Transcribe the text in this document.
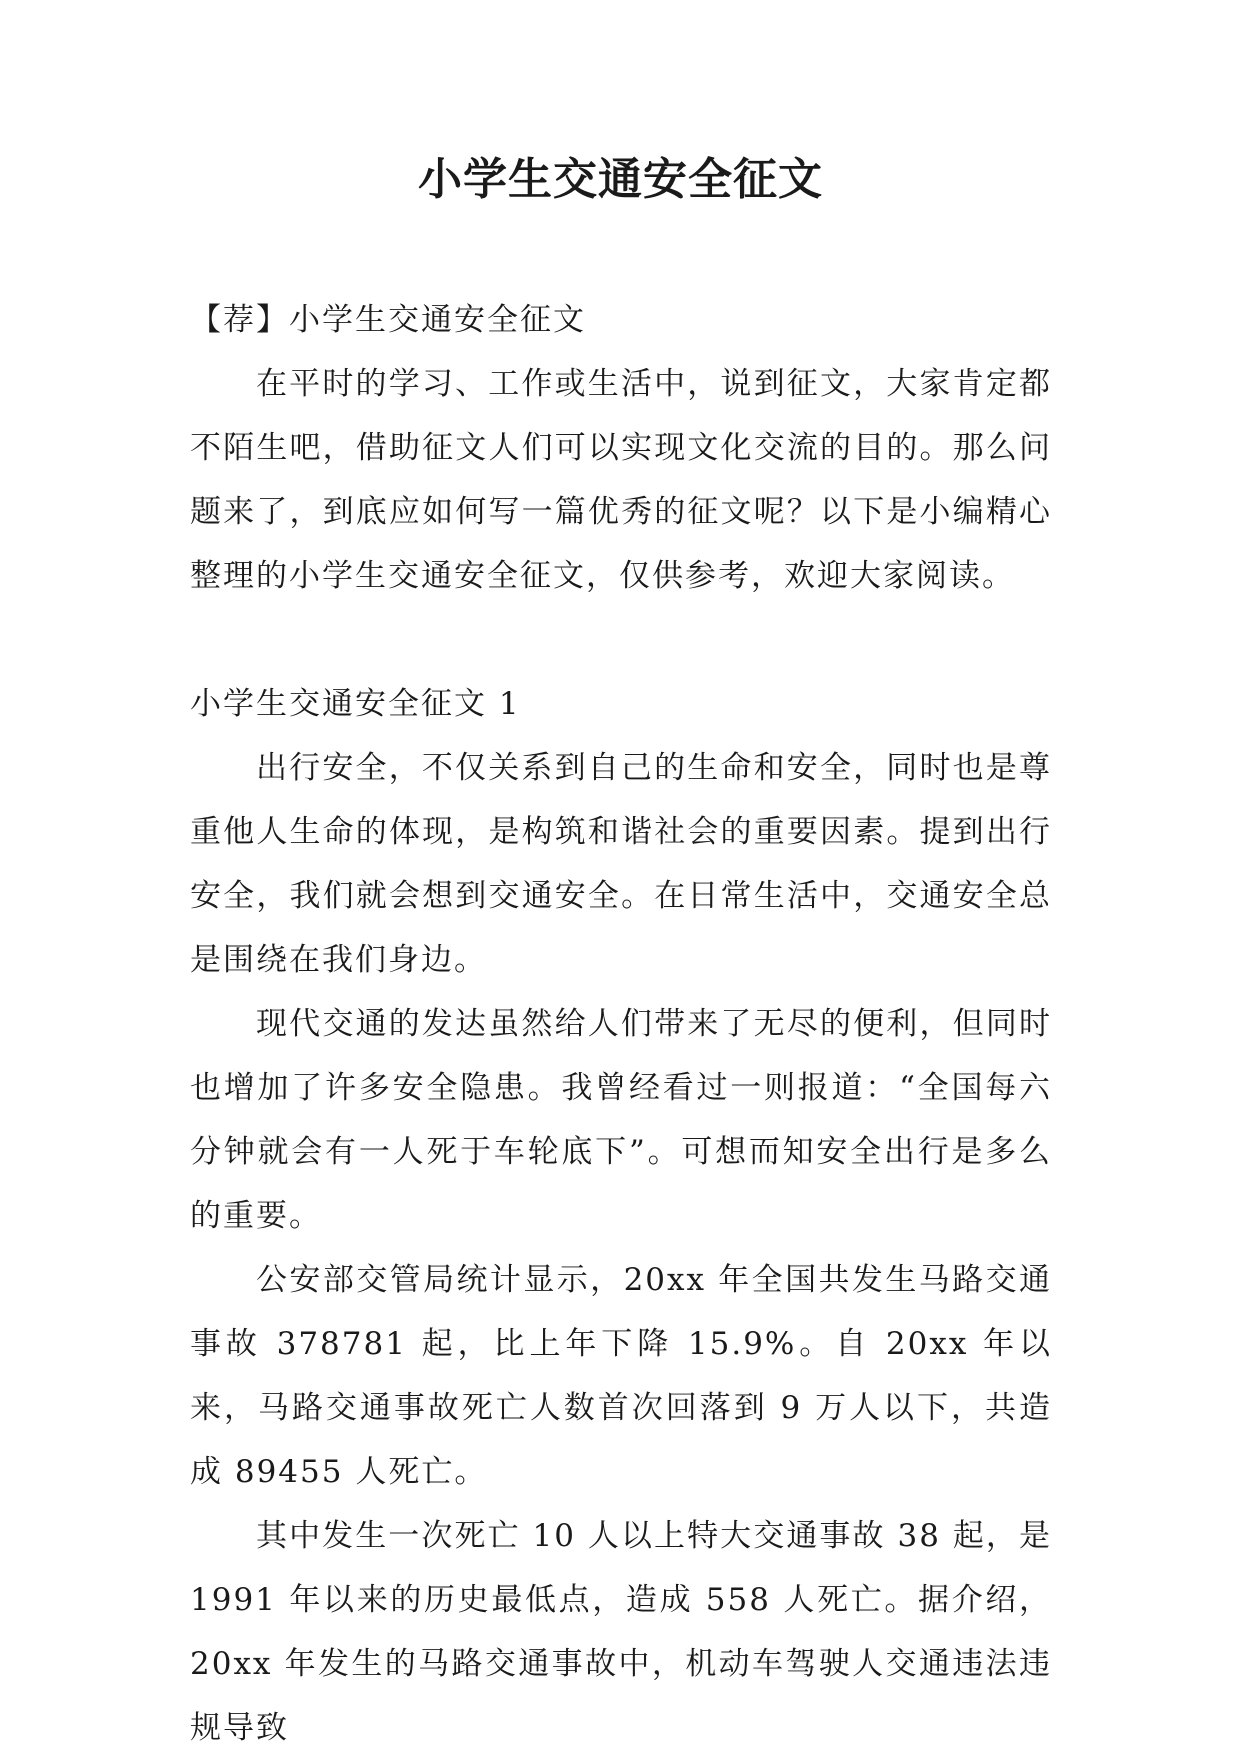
小学生交通安全征文

【荐】小学生交通安全征文

在平时的学习、工作或生活中，说到征文，大家肯定都不陌生吧，借助征文人们可以实现文化交流的目的。那么问题来了，到底应如何写一篇优秀的征文呢？以下是小编精心整理的小学生交通安全征文，仅供参考，欢迎大家阅读。

小学生交通安全征文 1

出行安全，不仅关系到自己的生命和安全，同时也是尊重他人生命的体现，是构筑和谐社会的重要因素。提到出行安全，我们就会想到交通安全。在日常生活中，交通安全总是围绕在我们身边。

现代交通的发达虽然给人们带来了无尽的便利，但同时也增加了许多安全隐患。我曾经看过一则报道：“全国每六分钟就会有一人死于车轮底下”。可想而知安全出行是多么的重要。

公安部交管局统计显示，20xx 年全国共发生马路交通事故 378781 起，比上年下降 15.9%。自 20xx 年以来，马路交通事故死亡人数首次回落到 9 万人以下，共造成 89455 人死亡。

其中发生一次死亡 10 人以上特大交通事故 38 起，是 1991 年以来的历史最低点，造成 558 人死亡。据介绍，20xx 年发生的马路交通事故中，机动车驾驶人交通违法违规导致
